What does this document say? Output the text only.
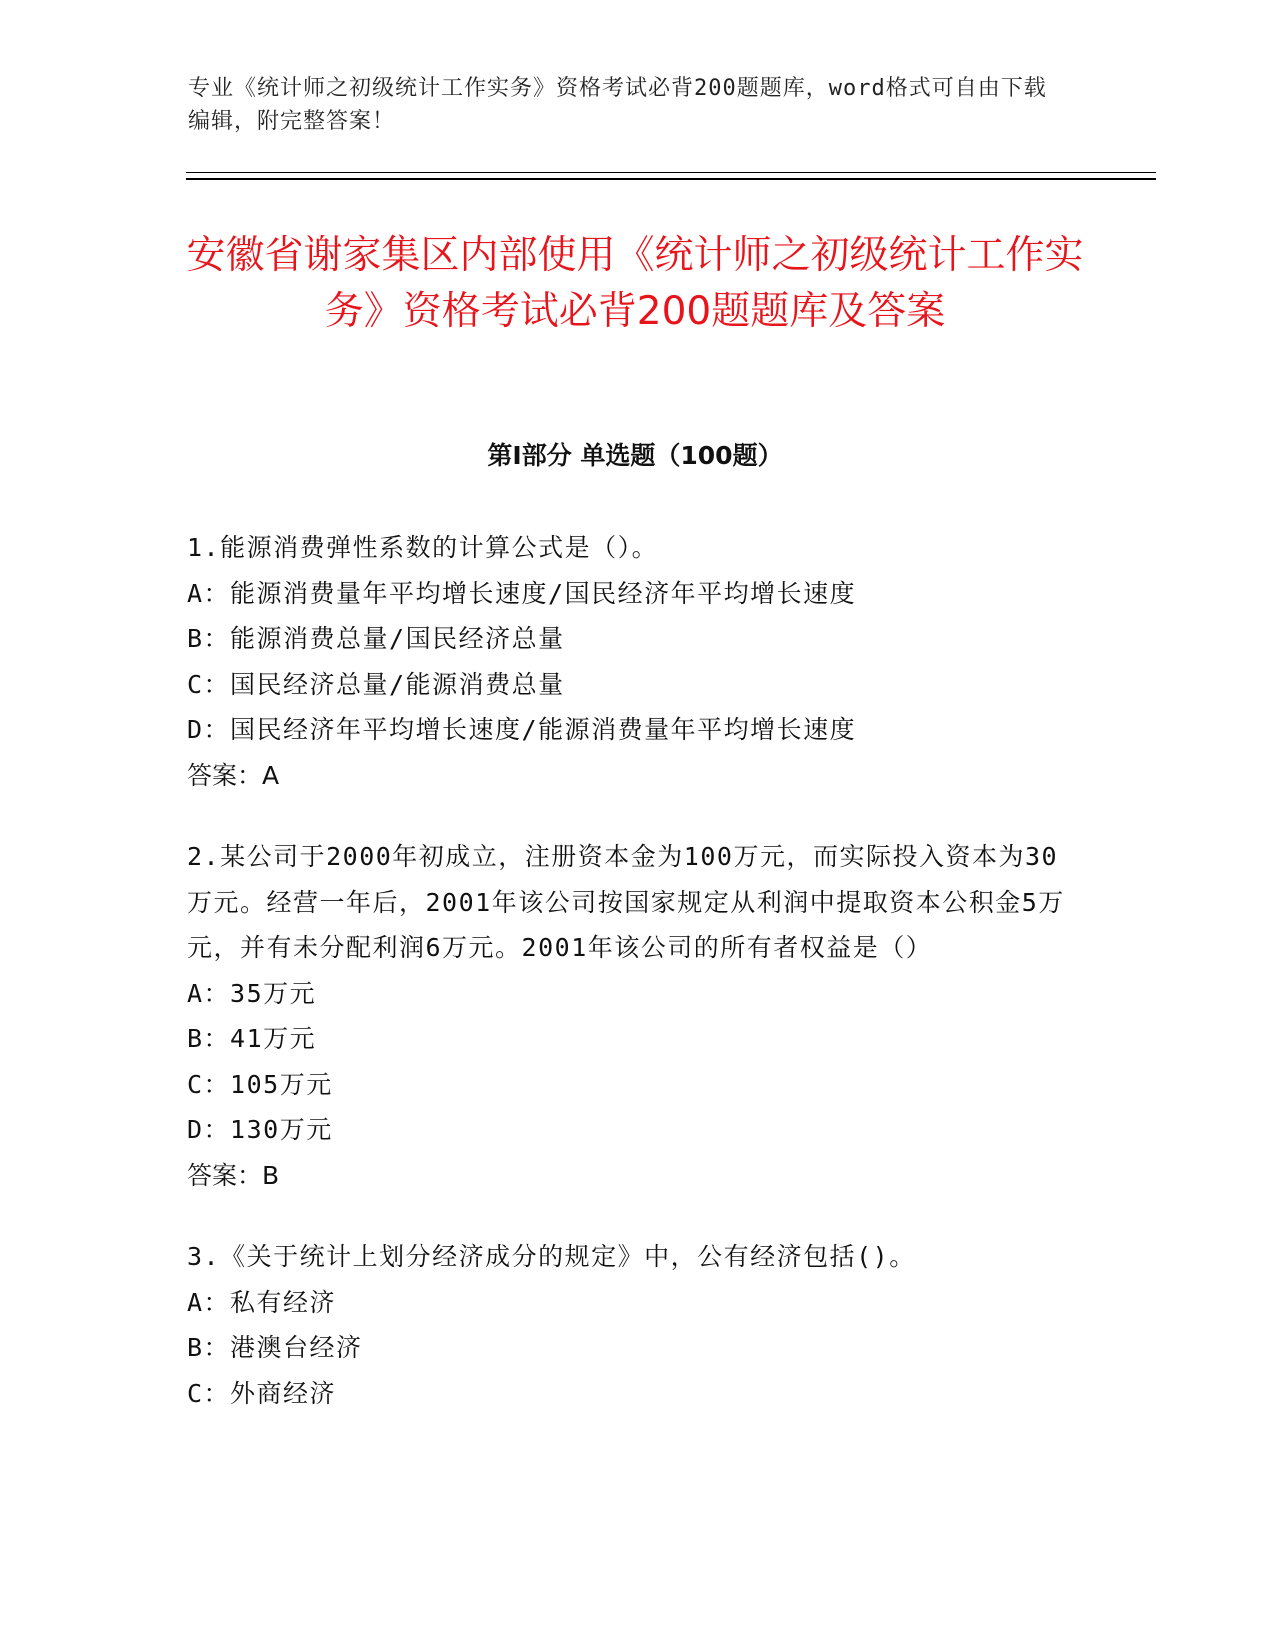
专业《统计师之初级统计工作实务》资格考试必背200题题库，word格式可自由下载编辑，附完整答案！
安徽省谢家集区内部使用《统计师之初级统计工作实务》资格考试必背200题题库及答案
第Ⅰ部分 单选题（100题）
1.能源消费弹性系数的计算公式是（）。
A：能源消费量年平均增长速度/国民经济年平均增长速度
B：能源消费总量/国民经济总量
C：国民经济总量/能源消费总量
D：国民经济年平均增长速度/能源消费量年平均增长速度
答案：A
2.某公司于2000年初成立，注册资本金为100万元，而实际投入资本为30万元。经营一年后，2001年该公司按国家规定从利润中提取资本公积金5万元，并有未分配利润6万元。2001年该公司的所有者权益是（）
A：35万元
B：41万元
C：105万元
D：130万元
答案：B
3.《关于统计上划分经济成分的规定》中，公有经济包括()。
A：私有经济
B：港澳台经济
C：外商经济
